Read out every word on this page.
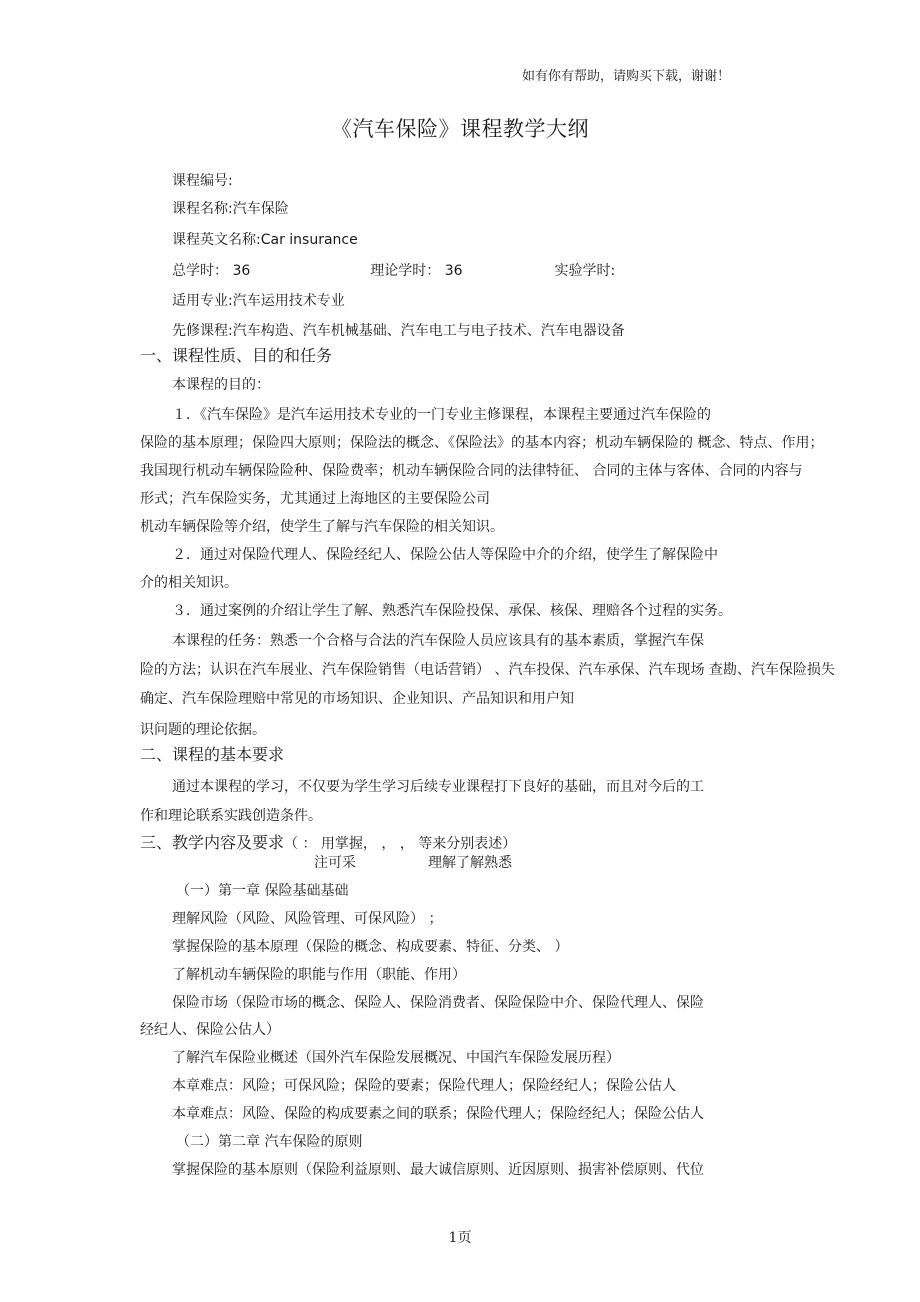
如有你有帮助，请购买下载，谢谢！
《汽车保险》课程教学大纲
课程编号:
课程名称:汽车保险
课程英文名称:Car insurance
总学时： 36	理论学时： 36	实验学时:
适用专业:汽车运用技术专业
先修课程:汽车构造、汽车机械基础、汽车电工与电子技术、汽车电器设备
一、课程性质、目的和任务
本课程的目的：
１．《汽车保险》是汽车运用技术专业的一门专业主修课程，本课程主要通过汽车保险的
保险的基本原理；保险四大原则；保险法的概念、《保险法》的基本内容；机动车辆保险的 概念、特点、作用；
我国现行机动车辆保险险种、保险费率；机动车辆保险合同的法律特征、 合同的主体与客体、合同的内容与
形式；汽车保险实务，尤其通过上海地区的主要保险公司
机动车辆保险等介绍，使学生了解与汽车保险的相关知识。
２．通过对保险代理人、保险经纪人、保险公估人等保险中介的介绍，使学生了解保险中
介的相关知识。
３．通过案例的介绍让学生了解、熟悉汽车保险投保、承保、核保、理赔各个过程的实务。
本课程的任务：熟悉一个合格与合法的汽车保险人员应该具有的基本素质，掌握汽车保
险的方法；认识在汽车展业、汽车保险销售（电话营销） 、汽车投保、汽车承保、汽车现场 查勘、汽车保险损失
确定、汽车保险理赔中常见的市场知识、企业知识、产品知识和用户知
识问题的理论依据。
二、课程的基本要求
通过本课程的学习，不仅要为学生学习后续专业课程打下良好的基础，而且对今后的工
作和理论联系实践创造条件。
三、教学内容及要求（ ： 用掌握， ， ， 等来分别表述）
注可采	理解了解熟悉
（一）第一章 保险基础基础
理解风险（风险、风险管理、可保风险） ；
掌握保险的基本原理（保险的概念、构成要素、特征、分类、 ）
了解机动车辆保险的职能与作用（职能、作用）
保险市场（保险市场的概念、保险人、保险消费者、保险保险中介、保险代理人、保险
经纪人、保险公估人）
了解汽车保险业概述（国外汽车保险发展概况、中国汽车保险发展历程）
本章难点：风险；可保风险；保险的要素；保险代理人；保险经纪人；保险公估人
本章难点：风险、保险的构成要素之间的联系；保险代理人；保险经纪人；保险公估人
（二）第二章 汽车保险的原则
掌握保险的基本原则（保险利益原则、最大诚信原则、近因原则、损害补偿原则、代位
1页
